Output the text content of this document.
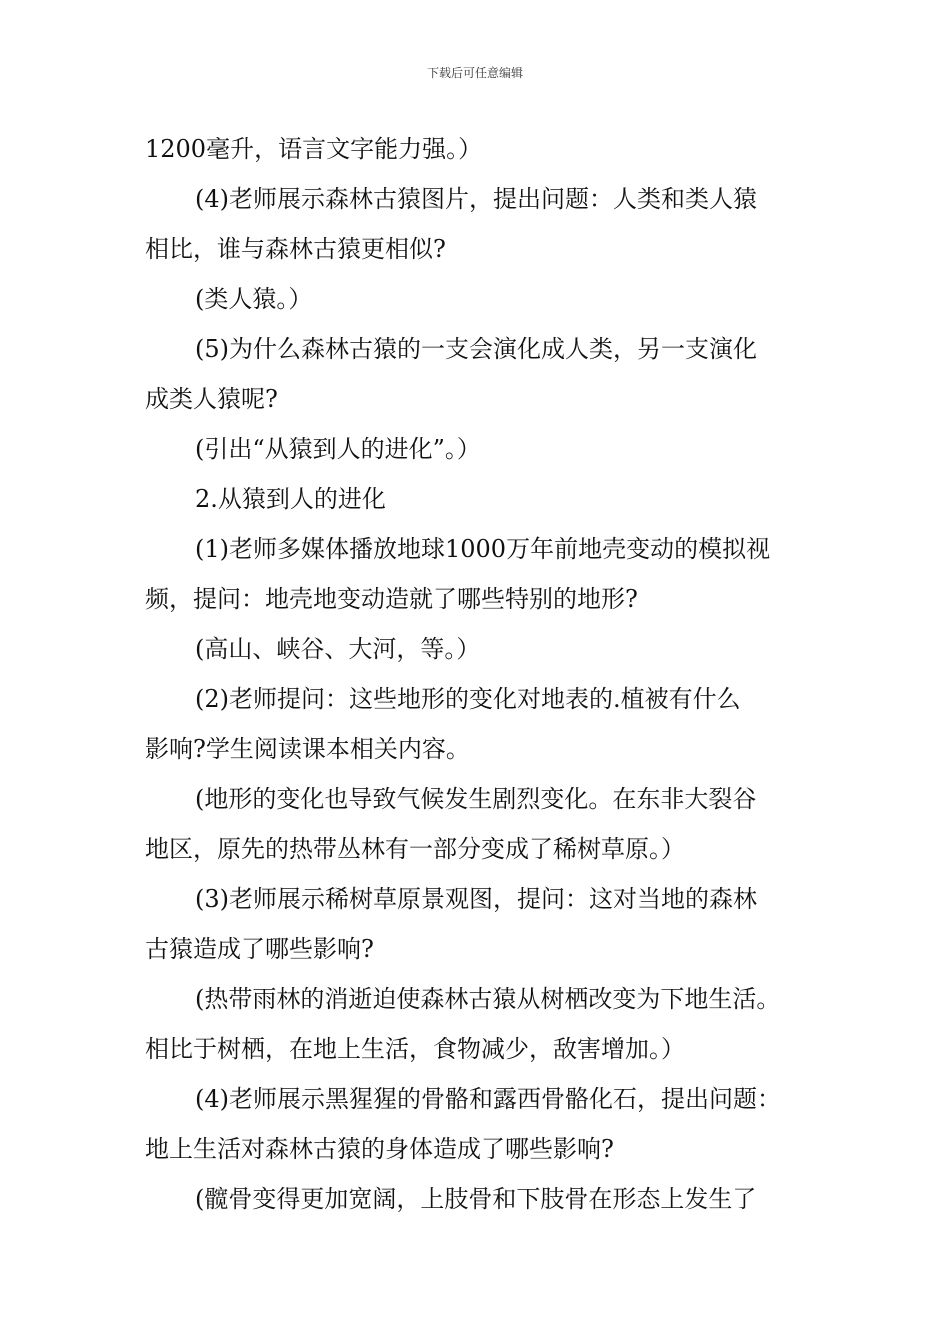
下载后可任意编辑
1200毫升，语言文字能力强。）
(4)老师展示森林古猿图片，提出问题：人类和类人猿
相比，谁与森林古猿更相似?
(类人猿。）
(5)为什么森林古猿的一支会演化成人类，另一支演化
成类人猿呢?
(引出“从猿到人的进化”。）
2.从猿到人的进化
(1)老师多媒体播放地球1000万年前地壳变动的模拟视
频，提问：地壳地变动造就了哪些特别的地形?
(高山、峡谷、大河，等。）
(2)老师提问：这些地形的变化对地表的.植被有什么
影响?学生阅读课本相关内容。
(地形的变化也导致气候发生剧烈变化。在东非大裂谷
地区，原先的热带丛林有一部分变成了稀树草原。）
(3)老师展示稀树草原景观图，提问：这对当地的森林
古猿造成了哪些影响?
(热带雨林的消逝迫使森林古猿从树栖改变为下地生活。
相比于树栖，在地上生活，食物减少，敌害增加。）
(4)老师展示黑猩猩的骨骼和露西骨骼化石，提出问题：
地上生活对森林古猿的身体造成了哪些影响?
(髋骨变得更加宽阔，上肢骨和下肢骨在形态上发生了
